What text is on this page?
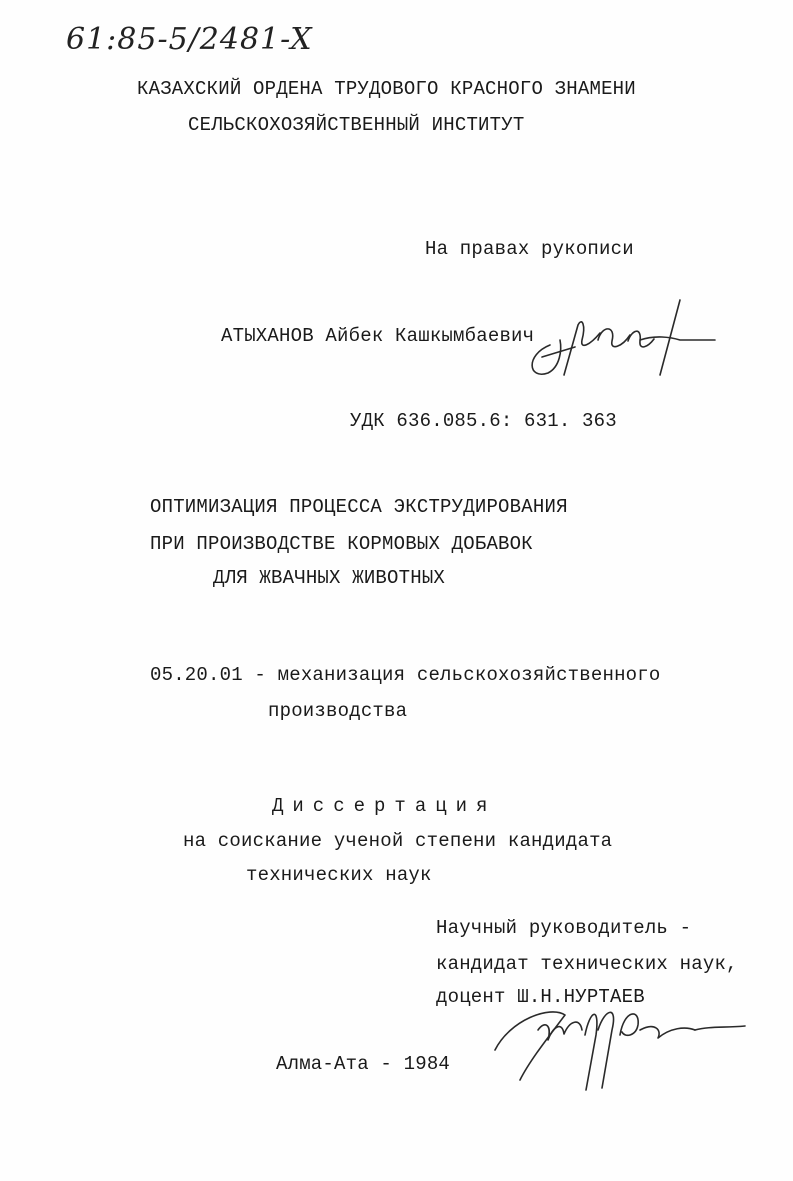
61:85-5/2481-X
КАЗАХСКИЙ ОРДЕНА ТРУДОВОГО КРАСНОГО ЗНАМЕНИ
СЕЛЬСКОХОЗЯЙСТВЕННЫЙ ИНСТИТУТ
На правах рукописи
АТЫХАНОВ Айбек Кашкымбаевич
УДК 636.085.6: 631. 363
ОПТИМИЗАЦИЯ ПРОЦЕССА ЭКСТРУДИРОВАНИЯ
ПРИ ПРОИЗВОДСТВЕ КОРМОВЫХ ДОБАВОК
ДЛЯ ЖВАЧНЫХ ЖИВОТНЫХ
05.20.01 - механизация сельскохозяйственного
производства
Диссертация
на соискание ученой степени кандидата
технических наук
Научный руководитель -
кандидат технических наук,
доцент Ш.Н.НУРТАЕВ
Алма-Ата - 1984
